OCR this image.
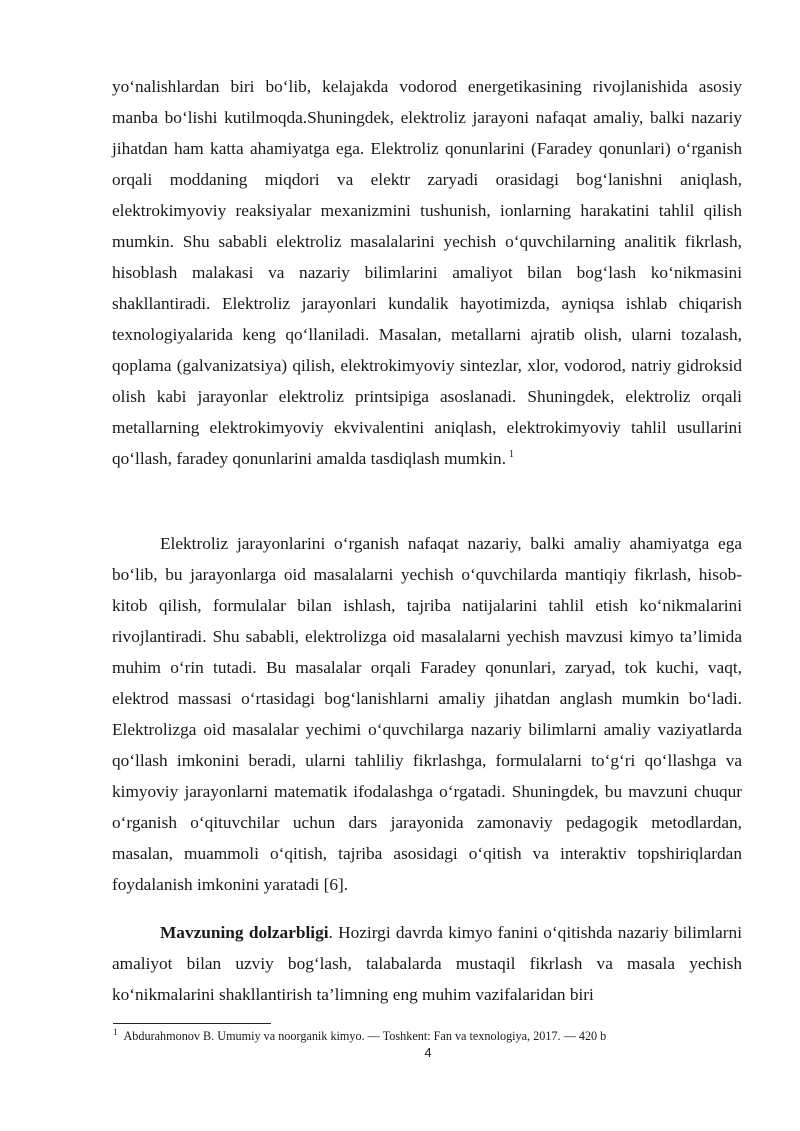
yo‘nalishlardan biri bo‘lib, kelajakda vodorod energetikasining rivojlanishida asosiy manba bo‘lishi kutilmoqda.Shuningdek, elektroliz jarayoni nafaqat amaliy, balki nazariy jihatdan ham katta ahamiyatga ega. Elektroliz qonunlarini (Faradey qonunlari) o‘rganish orqali moddaning miqdori va elektr zaryadi orasidagi bog‘lanishni aniqlash, elektrokimyoviy reaksiyalar mexanizmini tushunish, ionlarning harakatini tahlil qilish mumkin. Shu sababli elektroliz masalalarini yechish o‘quvchilarning analitik fikrlash, hisoblash malakasi va nazariy bilimlarini amaliyot bilan bog‘lash ko‘nikmasini shakllantiradi. Elektroliz jarayonlari kundalik hayotimizda, ayniqsa ishlab chiqarish texnologiyalarida keng qo‘llaniladi. Masalan, metallarni ajratib olish, ularni tozalash, qoplama (galvanizatsiya) qilish, elektrokimyoviy sintezlar, xlor, vodorod, natriy gidroksid olish kabi jarayonlar elektroliz printsipiga asoslanadi. Shuningdek, elektroliz orqali metallarning elektrokimyoviy ekvivalentini aniqlash, elektrokimyoviy tahlil usullarini qo‘llash, faradey qonunlarini amalda tasdiqlash mumkin. $^1$

Elektroliz jarayonlarini o‘rganish nafaqat nazariy, balki amaliy ahamiyatga ega bo‘lib, bu jarayonlarga oid masalalarni yechish o‘quvchilarda mantiqiy fikrlash, hisob-kitob qilish, formulalar bilan ishlash, tajriba natijalarini tahlil etish ko‘nikmalarini rivojlantiradi. Shu sababli, elektrolizga oid masalalarni yechish mavzusi kimyo ta’limida muhim o‘rin tutadi. Bu masalalar orqali Faradey qonunlari, zaryad, tok kuchi, vaqt, elektrod massasi o‘rtasidagi bog‘lanishlarni amaliy jihatdan anglash mumkin bo‘ladi. Elektrolizga oid masalalar yechimi o‘quvchilarga nazariy bilimlarni amaliy vaziyatlarda qo‘llash imkonini beradi, ularni tahliliy fikrlashga, formulalarni to‘g‘ri qo‘llashga va kimyoviy jarayonlarni matematik ifodalashga o‘rgatadi. Shuningdek, bu mavzuni chuqur o‘rganish o‘qituvchilar uchun dars jarayonida zamonaviy pedagogik metodlardan, masalan, muammoli o‘qitish, tajriba asosidagi o‘qitish va interaktiv topshiriqlardan foydalanish imkonini yaratadi [6].

Mavzuning dolzarbligi. Hozirgi davrda kimyo fanini o‘qitishda nazariy bilimlarni amaliyot bilan uzviy bog‘lash, talabalarda mustaqil fikrlash va masala yechish ko‘nikmalarini shakllantirish ta’limning eng muhim vazifalaridan biri

$^1$ Abdurahmonov B. Umumiy va noorganik kimyo. — Toshkent: Fan va texnologiya, 2017. — 420 b
4
